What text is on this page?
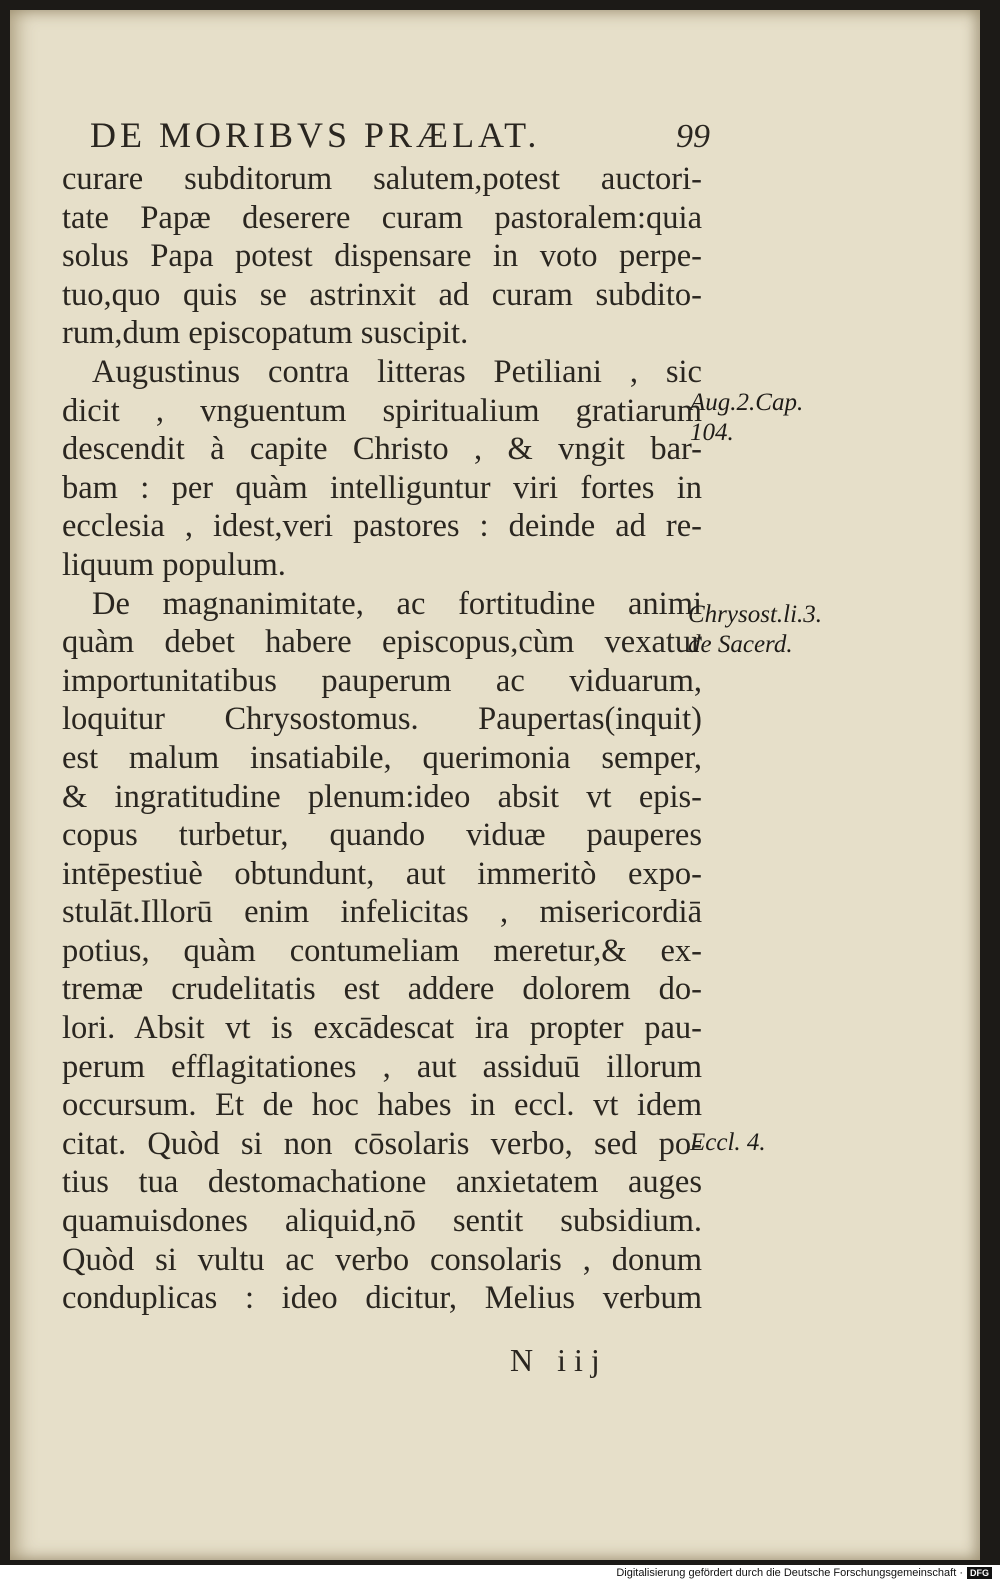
DE MORIBVS PRÆLAT.	99
curare subditorum salutem,potest auctori-
tate Papæ deserere curam pastoralem:quia
solus Papa potest dispensare in voto perpe-
tuo,quo quis se astrinxit ad curam subdito-
rum,dum episcopatum suscipit.
Augustinus contra litteras Petiliani , sic
dicit , vnguentum spiritualium gratiarum
descendit à capite Christo , & vngit bar-
bam : per quàm intelliguntur viri fortes in
ecclesia , idest,veri pastores : deinde ad re-
liquum populum.
De magnanimitate, ac fortitudine animi
quàm debet habere episcopus,cùm vexatur
importunitatibus pauperum ac viduarum,
loquitur Chrysostomus. Paupertas(inquit)
est malum insatiabile, querimonia semper,
& ingratitudine plenum:ideo absit vt epis-
copus turbetur, quando viduæ pauperes
intēpestiuè obtundunt, aut immeritò expo-
stulāt.Illorū enim infelicitas , misericordiā
potius, quàm contumeliam meretur,& ex-
tremæ crudelitatis est addere dolorem do-
lori. Absit vt is excādescat ira propter pau-
perum efflagitationes , aut assiduū illorum
occursum. Et de hoc habes in eccl. vt idem
citat. Quòd si non cōsolaris verbo, sed po-
tius tua destomachatione anxietatem auges
quamuisdones aliquid,nō sentit subsidium.
Quòd si vultu ac verbo consolaris , donum
conduplicas : ideo dicitur, Melius verbum
Aug.2.Cap.
104.
Chrysost.li.3.
de Sacerd.
Eccl. 4.
N iij
Digitalisierung gefördert durch die Deutsche Forschungsgemeinschaft · DFG
